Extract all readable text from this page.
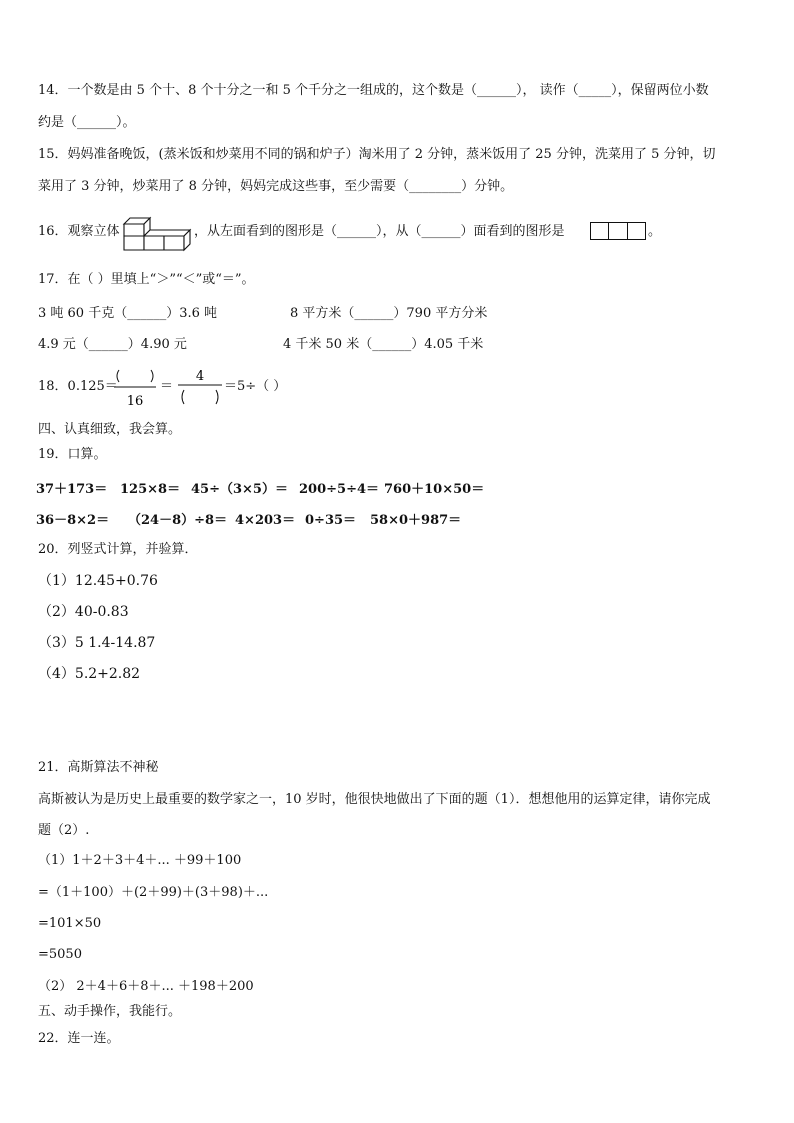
14．一个数是由 5 个十、8 个十分之一和 5 个千分之一组成的，这个数是（______）， 读作（_____），保留两位小数
约是（______）。
15．妈妈准备晚饭，(蒸米饭和炒菜用不同的锅和炉子）淘米用了 2 分钟，蒸米饭用了 25 分钟，洗菜用了 5 分钟，切
菜用了 3 分钟，炒菜用了 8 分钟，妈妈完成这些事，至少需要（________）分钟。
16．观察立体	，从左面看到的图形是（______），从（______）面看到的图形是	。
17．在（ ）里填上“＞”“＜”或“＝”。
3 吨 60 千克（______）3.6 吨	8 平方米（______）790 平方分米
4.9 元（______）4.90 元	4 千米 50 米（______）4.05 千米
18．0.125＝
16
＝
4
＝5÷（ ）
四、认真细致，我会算。
19．口算。
37＋173＝ 125×8＝ 45÷（3×5）＝ 200÷5÷4＝ 760＋10×50＝
36－8×2＝ （24－8）÷8＝ 4×203＝ 0÷35＝ 58×0＋987＝
20．列竖式计算，并验算．
（1）12.45+0.76
（2）40-0.83
（3）5 1.4-14.87
（4）5.2+2.82
21．高斯算法不神秘
高斯被认为是历史上最重要的数学家之一，10 岁时，他很快地做出了下面的题（1）．想想他用的运算定律，请你完成
题（2）.
（1）1＋2＋3＋4＋... ＋99＋100
=（1＋100）＋(2＋99)＋(3＋98)＋...
=101×50
=5050
（2） 2＋4＋6＋8＋... ＋198＋200
五、动手操作，我能行。
22．连一连。
